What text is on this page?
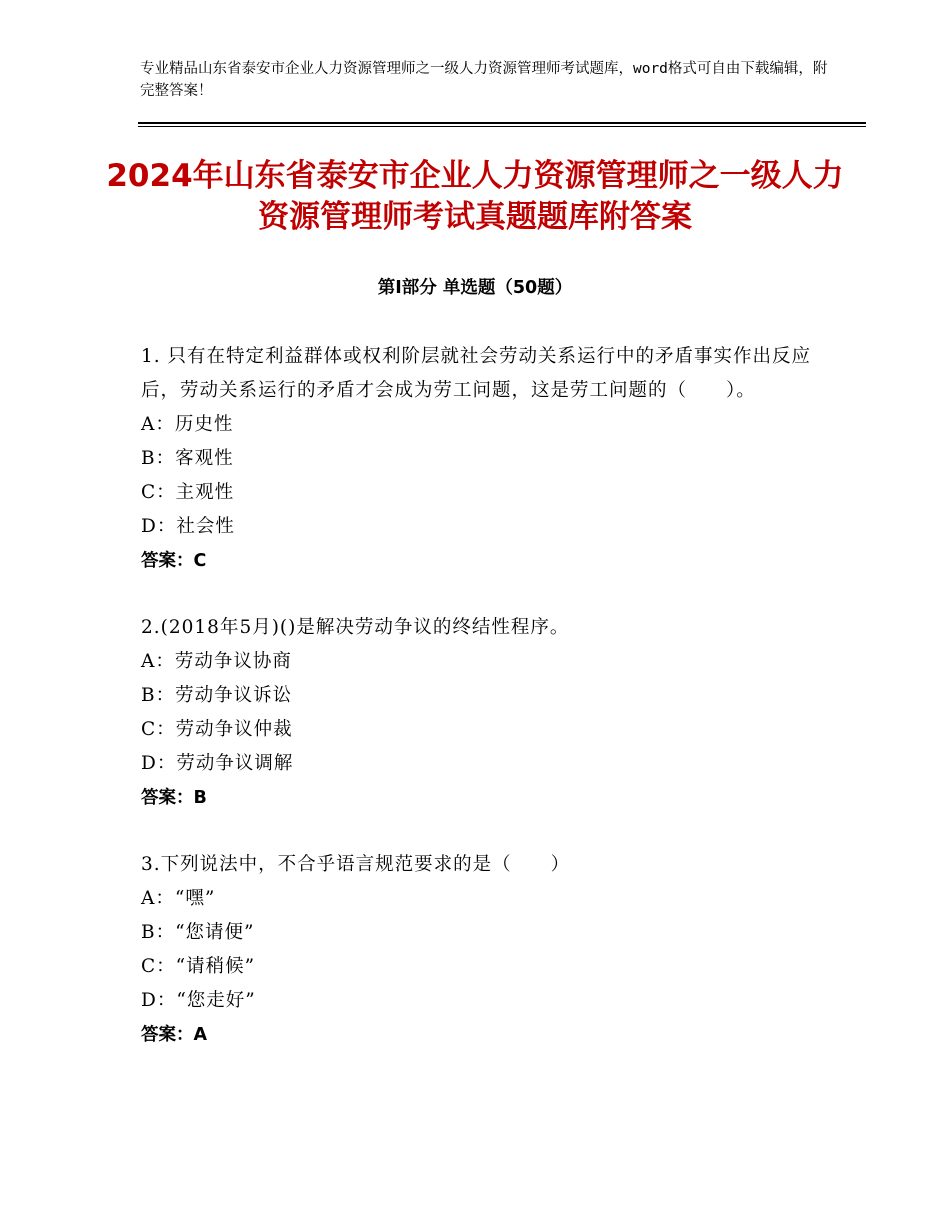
专业精品山东省泰安市企业人力资源管理师之一级人力资源管理师考试题库，word格式可自由下载编辑，附完整答案！
2024年山东省泰安市企业人力资源管理师之一级人力资源管理师考试真题题库附答案
第Ⅰ部分 单选题（50题）
1. 只有在特定利益群体或权利阶层就社会劳动关系运行中的矛盾事实作出反应后，劳动关系运行的矛盾才会成为劳工问题，这是劳工问题的（　　）。
A：历史性
B：客观性
C：主观性
D：社会性
答案：C
2.(2018年5月)()是解决劳动争议的终结性程序。
A：劳动争议协商
B：劳动争议诉讼
C：劳动争议仲裁
D：劳动争议调解
答案：B
3.下列说法中，不合乎语言规范要求的是（　　）
A：“嘿”
B：“您请便”
C：“请稍候”
D：“您走好”
答案：A
